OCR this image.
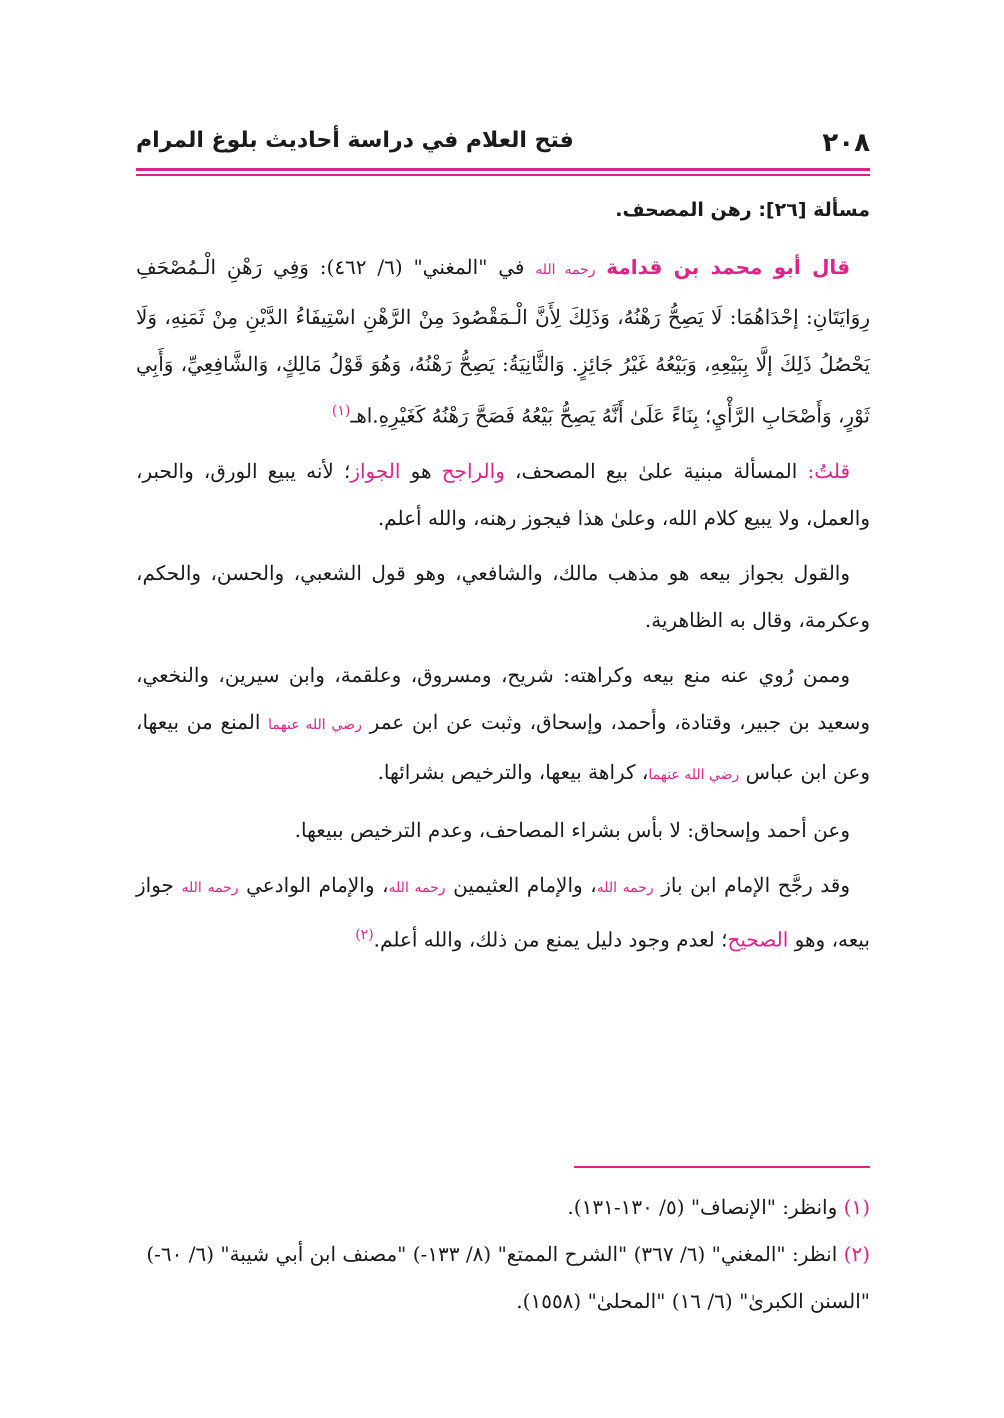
٢٠٨
فتح العلام في دراسة أحاديث بلوغ المرام
مسألة [٢٦]: رهن المصحف.

قال أبو محمد بن قدامة رحمه الله في "المغني" (٦/ ٤٦٢): وَفِي رَهْنِ الْـمُصْحَفِ رِوَايَتَانِ: إحْدَاهُمَا: لَا يَصِحُّ رَهْنُهُ، وَذَلِكَ لِأَنَّ الْـمَقْصُودَ مِنْ الرَّهْنِ اسْتِيفَاءُ الدَّيْنِ مِنْ ثَمَنِهِ، وَلَا يَحْصُلُ ذَلِكَ إلَّا بِبَيْعِهِ، وَبَيْعُهُ غَيْرُ جَائِزٍ. وَالثَّانِيَةُ: يَصِحُّ رَهْنُهُ، وَهُوَ قَوْلُ مَالِكٍ، وَالشَّافِعِيِّ، وَأَبِي ثَوْرٍ، وَأَصْحَابِ الرَّأْيِ؛ بِنَاءً عَلَىٰ أَنَّهُ يَصِحُّ بَيْعُهُ فَصَحَّ رَهْنُهُ كَغَيْرِهِ.اهـ$^{(١)}$

قلتُ: المسألة مبنية علىٰ بيع المصحف، والراجح هو الجواز؛ لأنه يبيع الورق، والحبر، والعمل، ولا يبيع كلام الله، وعلىٰ هذا فيجوز رهنه، والله أعلم.

والقول بجواز بيعه هو مذهب مالك، والشافعي، وهو قول الشعبي، والحسن، والحكم، وعكرمة، وقال به الظاهرية.

وممن رُوي عنه منع بيعه وكراهته: شريح، ومسروق، وعلقمة، وابن سيرين، والنخعي، وسعيد بن جبير، وقتادة، وأحمد، وإسحاق، وثبت عن ابن عمر رضي الله عنهما المنع من بيعها، وعن ابن عباس رضي الله عنهما، كراهة بيعها، والترخيص بشرائها.

وعن أحمد وإسحاق: لا بأس بشراء المصاحف، وعدم الترخيص ببيعها.

وقد رجَّح الإمام ابن باز رحمه الله، والإمام العثيمين رحمه الله، والإمام الوادعي رحمه الله جواز بيعه، وهو الصحيح؛ لعدم وجود دليل يمنع من ذلك، والله أعلم.$^{(٢)}$

(١) وانظر: "الإنصاف" (٥/ ١٣٠-١٣١).

(٢) انظر: "المغني" (٦/ ٣٦٧) "الشرح الممتع" (٨/ ١٣٣-) "مصنف ابن أبي شيبة" (٦/ ٦٠-) "السنن الكبرىٰ" (٦/ ١٦) "المحلىٰ" (١٥٥٨).
